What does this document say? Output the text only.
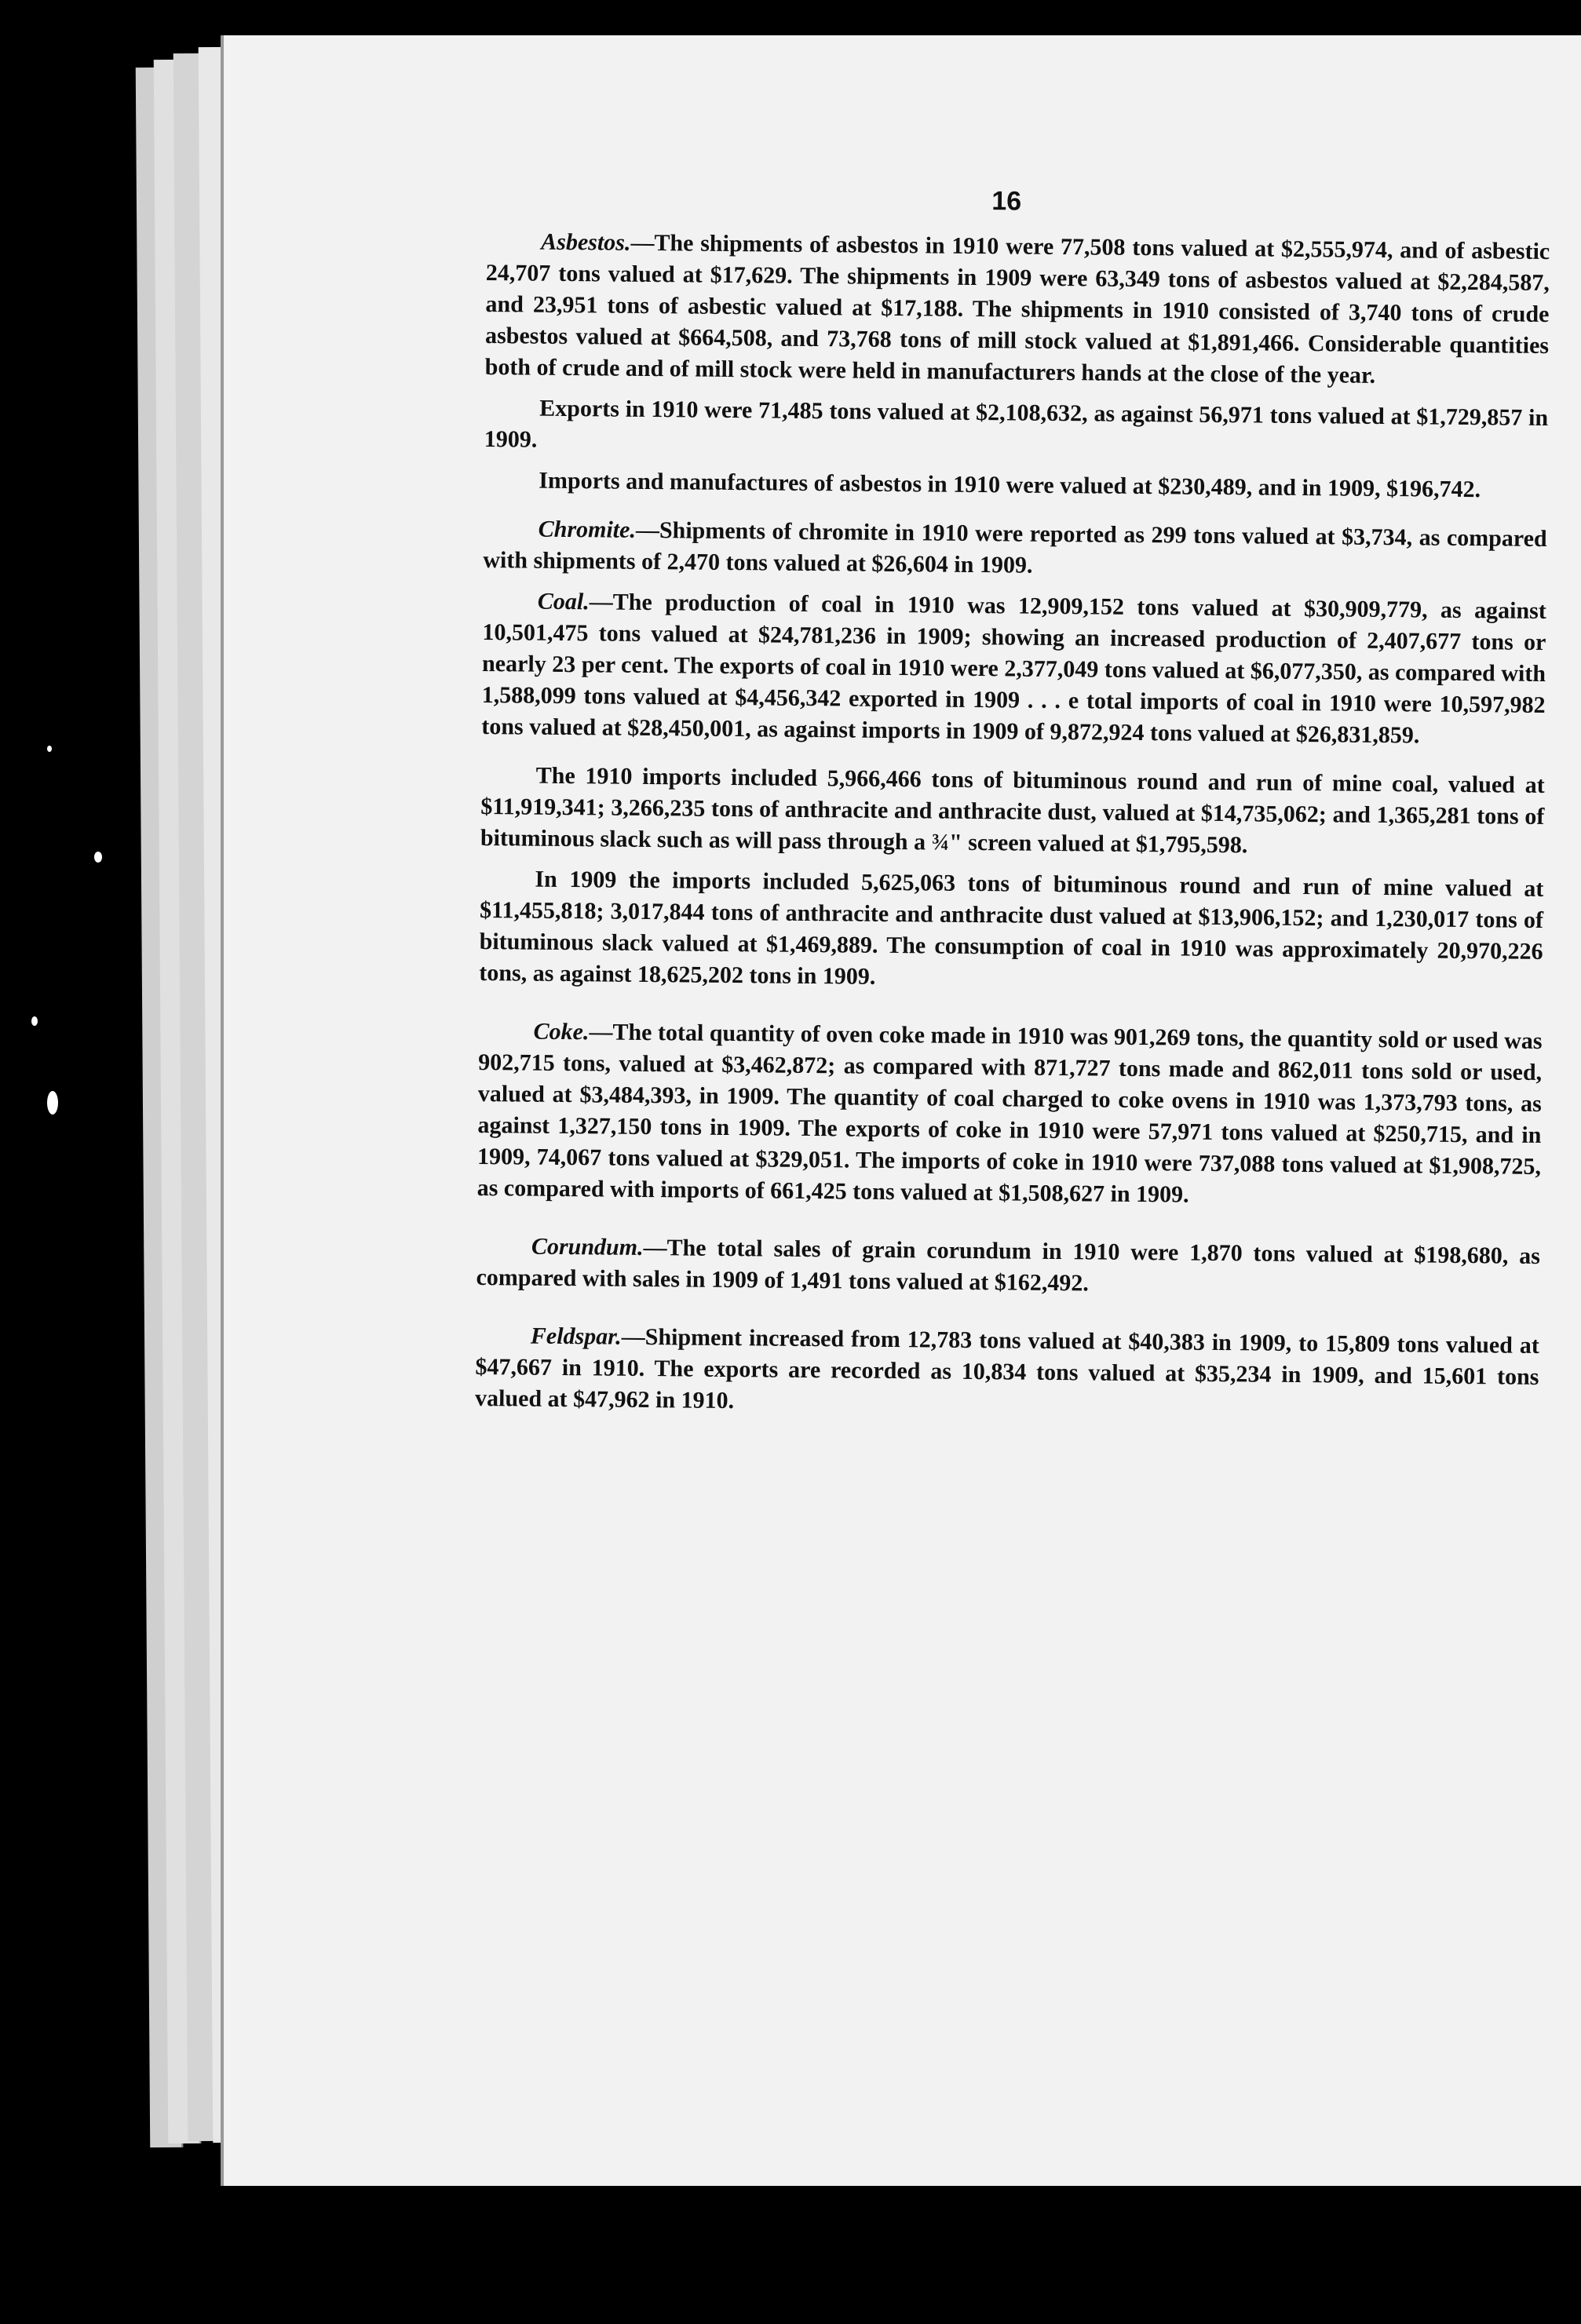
16

Asbestos.—The shipments of asbestos in 1910 were 77,508 tons valued at $2,555,974, and of asbestic 24,707 tons valued at $17,629. The shipments in 1909 were 63,349 tons of asbestos valued at $2,284,587, and 23,951 tons of asbestic valued at $17,188. The shipments in 1910 consisted of 3,740 tons of crude asbestos valued at $664,508, and 73,768 tons of mill stock valued at $1,891,466. Considerable quantities both of crude and of mill stock were held in manufacturers hands at the close of the year.

Exports in 1910 were 71,485 tons valued at $2,108,632, as against 56,971 tons valued at $1,729,857 in 1909.

Imports and manufactures of asbestos in 1910 were valued at $230,489, and in 1909, $196,742.

Chromite.—Shipments of chromite in 1910 were reported as 299 tons valued at $3,734, as compared with shipments of 2,470 tons valued at $26,604 in 1909.

Coal.—The production of coal in 1910 was 12,909,152 tons valued at $30,909,779, as against 10,501,475 tons valued at $24,781,236 in 1909; showing an increased production of 2,407,677 tons or nearly 23 per cent. The exports of coal in 1910 were 2,377,049 tons valued at $6,077,350, as compared with 1,588,099 tons valued at $4,456,342 exported in 1909 . . . e total imports of coal in 1910 were 10,597,982 tons valued at $28,450,001, as against imports in 1909 of 9,872,924 tons valued at $26,831,859.

The 1910 imports included 5,966,466 tons of bituminous round and run of mine coal, valued at $11,919,341; 3,266,235 tons of anthracite and anthracite dust, valued at $14,735,062; and 1,365,281 tons of bituminous slack such as will pass through a ¾" screen valued at $1,795,598.

In 1909 the imports included 5,625,063 tons of bituminous round and run of mine valued at $11,455,818; 3,017,844 tons of anthracite and anthracite dust valued at $13,906,152; and 1,230,017 tons of bituminous slack valued at $1,469,889. The consumption of coal in 1910 was approximately 20,970,226 tons, as against 18,625,202 tons in 1909.

Coke.—The total quantity of oven coke made in 1910 was 901,269 tons, the quantity sold or used was 902,715 tons, valued at $3,462,872; as compared with 871,727 tons made and 862,011 tons sold or used, valued at $3,484,393, in 1909. The quantity of coal charged to coke ovens in 1910 was 1,373,793 tons, as against 1,327,150 tons in 1909. The exports of coke in 1910 were 57,971 tons valued at $250,715, and in 1909, 74,067 tons valued at $329,051. The imports of coke in 1910 were 737,088 tons valued at $1,908,725, as compared with imports of 661,425 tons valued at $1,508,627 in 1909.

Corundum.—The total sales of grain corundum in 1910 were 1,870 tons valued at $198,680, as compared with sales in 1909 of 1,491 tons valued at $162,492.

Feldspar.—Shipment increased from 12,783 tons valued at $40,383 in 1909, to 15,809 tons valued at $47,667 in 1910. The exports are recorded as 10,834 tons valued at $35,234 in 1909, and 15,601 tons valued at $47,962 in 1910.
